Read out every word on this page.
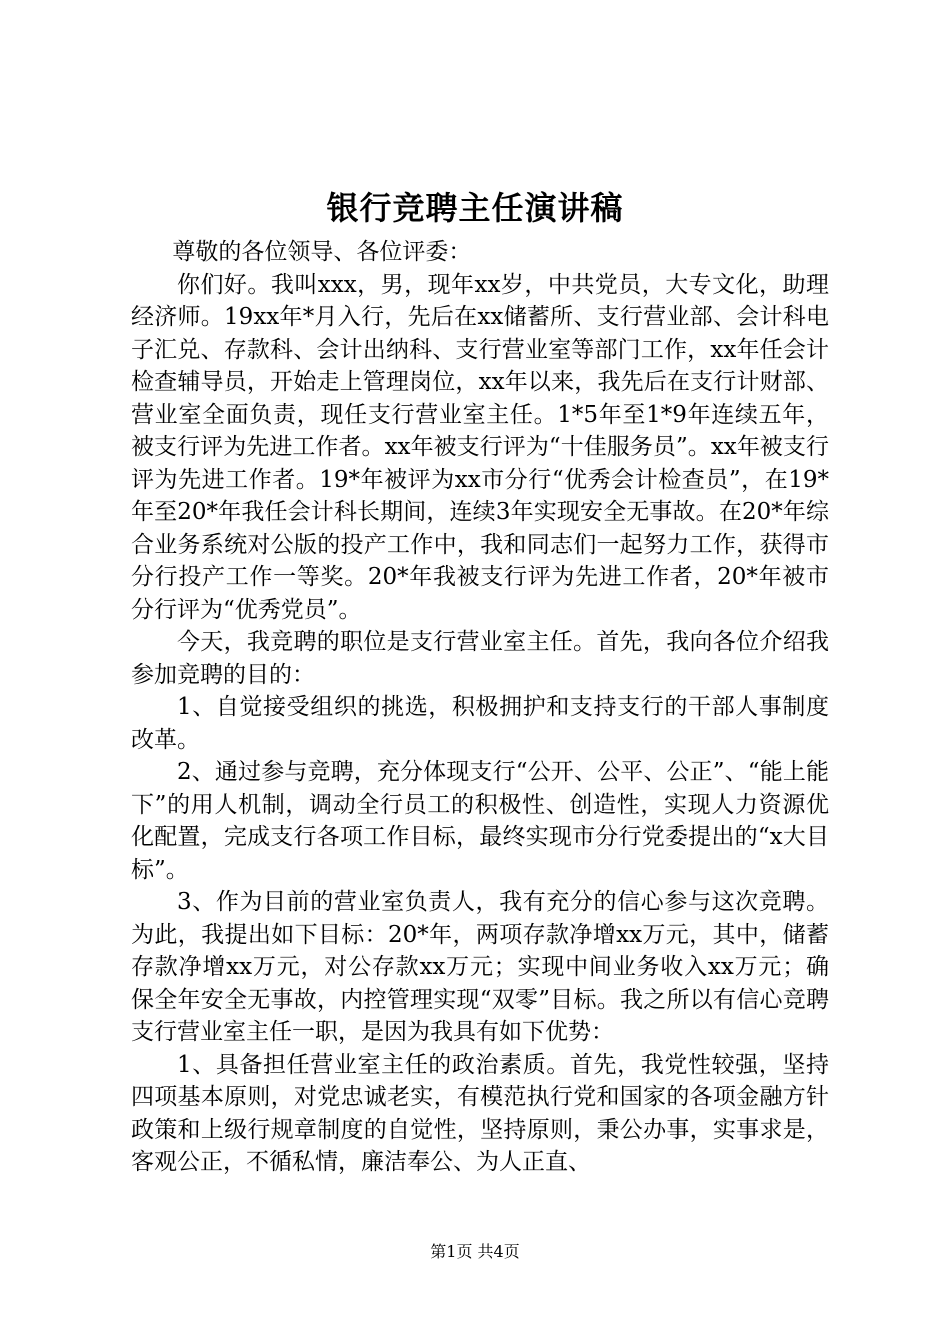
银行竞聘主任演讲稿

尊敬的各位领导、各位评委：

你们好。我叫xxx，男，现年xx岁，中共党员，大专文化，助理经济师。19xx年*月入行，先后在xx储蓄所、支行营业部、会计科电子汇兑、存款科、会计出纳科、支行营业室等部门工作，xx年任会计检查辅导员，开始走上管理岗位，xx年以来，我先后在支行计财部、营业室全面负责，现任支行营业室主任。1*5年至1*9年连续五年，被支行评为先进工作者。xx年被支行评为“十佳服务员”。xx年被支行评为先进工作者。19*年被评为xx市分行“优秀会计检查员”，在19*年至20*年我任会计科长期间，连续3年实现安全无事故。在20*年综合业务系统对公版的投产工作中，我和同志们一起努力工作，获得市分行投产工作一等奖。20*年我被支行评为先进工作者，20*年被市分行评为“优秀党员”。

今天，我竞聘的职位是支行营业室主任。首先，我向各位介绍我参加竞聘的目的：

1、自觉接受组织的挑选，积极拥护和支持支行的干部人事制度改革。

2、通过参与竞聘，充分体现支行“公开、公平、公正”、“能上能下”的用人机制，调动全行员工的积极性、创造性，实现人力资源优化配置，完成支行各项工作目标，最终实现市分行党委提出的“x大目标”。

3、作为目前的营业室负责人，我有充分的信心参与这次竞聘。为此，我提出如下目标：20*年，两项存款净增xx万元，其中，储蓄存款净增xx万元，对公存款xx万元；实现中间业务收入xx万元；确保全年安全无事故，内控管理实现“双零”目标。我之所以有信心竞聘支行营业室主任一职，是因为我具有如下优势：

1、具备担任营业室主任的政治素质。首先，我党性较强，坚持四项基本原则，对党忠诚老实，有模范执行党和国家的各项金融方针政策和上级行规章制度的自觉性，坚持原则，秉公办事，实事求是，客观公正，不循私情，廉洁奉公、为人正直、

第1页 共4页
